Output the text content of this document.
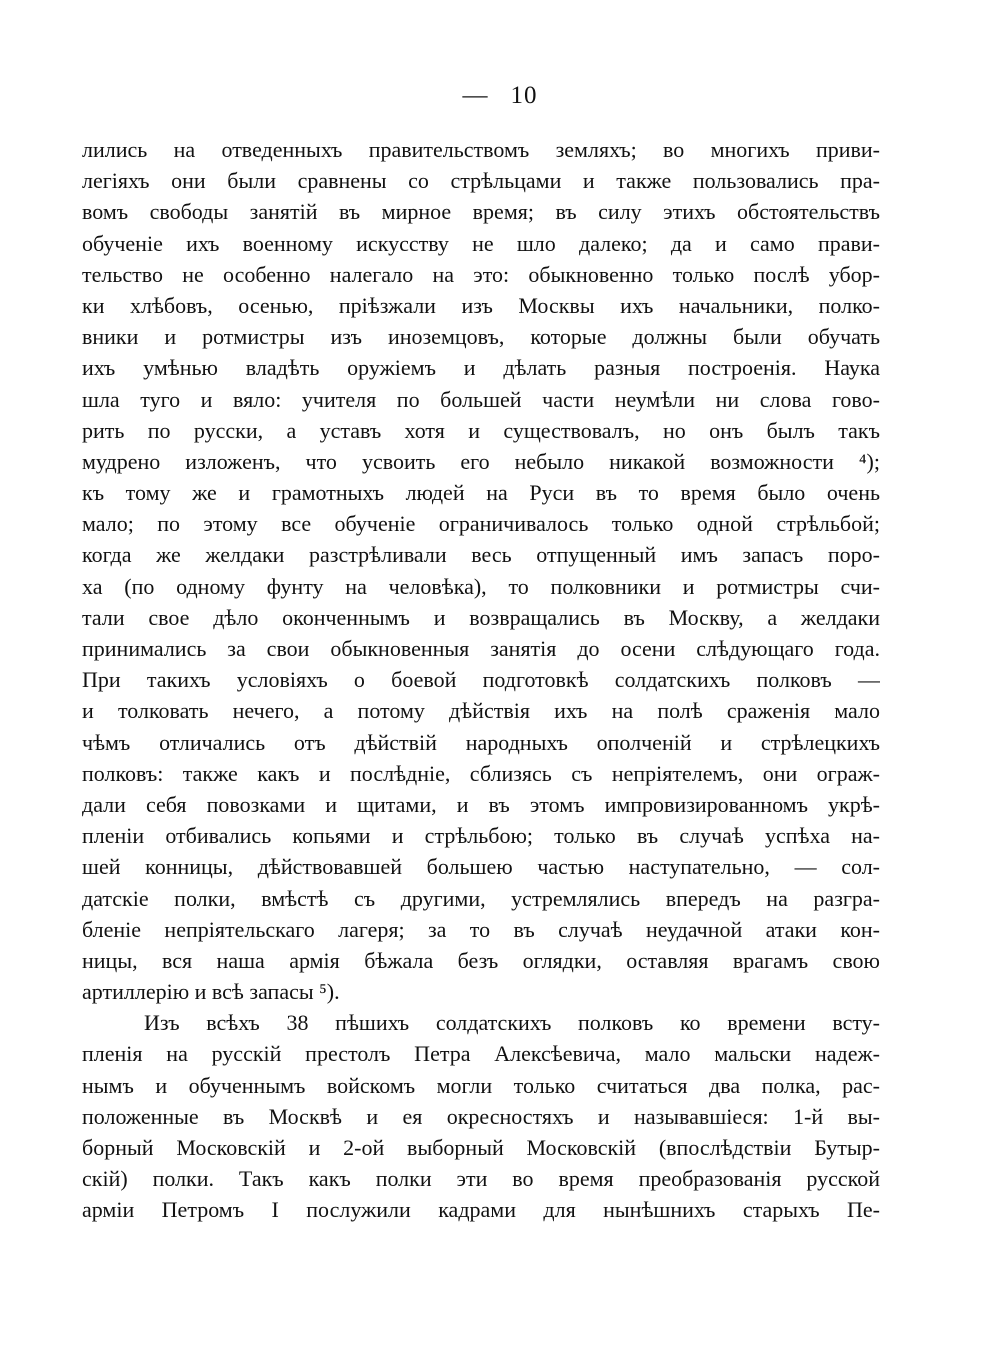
— 10
лились на отведенныхъ правительствомъ земляхъ; во многихъ приви-
легіяхъ они были сравнены со стрѣльцами и также пользовались пра-
вомъ свободы занятій въ мирное время; въ силу этихъ обстоятельствъ
обученіе ихъ военному искусству не шло далеко; да и само прави-
тельство не особенно налегало на это: обыкновенно только послѣ убор-
ки хлѣбовъ, осенью, пріѣзжали изъ Москвы ихъ начальники, полко-
вники и ротмистры изъ иноземцовъ, которые должны были обучать
ихъ умѣнью владѣть оружіемъ и дѣлать разныя построенія. Наука
шла туго и вяло: учителя по большей части неумѣли ни слова гово-
рить по русски, а уставъ хотя и существовалъ, но онъ былъ такъ
мудрено изложенъ, что усвоить его небыло никакой возможности ⁴);
къ тому же и грамотныхъ людей на Руси въ то время было очень
мало; по этому все обученіе ограничивалось только одной стрѣльбой;
когда же желдаки разстрѣливали весь отпущенный имъ запасъ поро-
ха (по одному фунту на человѣка), то полковники и ротмистры счи-
тали свое дѣло оконченнымъ и возвращались въ Москву, а желдаки
принимались за свои обыкновенныя занятія до осени слѣдующаго года.
При такихъ условіяхъ о боевой подготовкѣ солдатскихъ полковъ —
и толковать нечего, а потому дѣйствія ихъ на полѣ сраженія мало
чѣмъ отличались отъ дѣйствій народныхъ ополченій и стрѣлецкихъ
полковъ: также какъ и послѣдніе, сблизясь съ непріятелемъ, они ограж-
дали себя повозками и щитами, и въ этомъ импровизированномъ укрѣ-
пленіи отбивались копьями и стрѣльбою; только въ случаѣ успѣха на-
шей конницы, дѣйствовавшей большею частью наступательно, — сол-
датскіе полки, вмѣстѣ съ другими, устремлялись впередъ на разгра-
бленіе непріятельскаго лагеря; за то въ случаѣ неудачной атаки кон-
ницы, вся наша армія бѣжала безъ оглядки, оставляя врагамъ свою
артиллерію и всѣ запасы ⁵).
Изъ всѣхъ 38 пѣшихъ солдатскихъ полковъ ко времени всту-
пленія на русскій престолъ Петра Алексѣевича, мало мальски надеж-
нымъ и обученнымъ войскомъ могли только считаться два полка, рас-
положенные въ Москвѣ и ея окресностяхъ и называвшіеся: 1-й вы-
борный Московскій и 2-ой выборный Московскій (впослѣдствіи Бутыр-
скій) полки. Такъ какъ полки эти во время преобразованія русской
арміи Петромъ I послужили кадрами для нынѣшнихъ старыхъ Пе-
